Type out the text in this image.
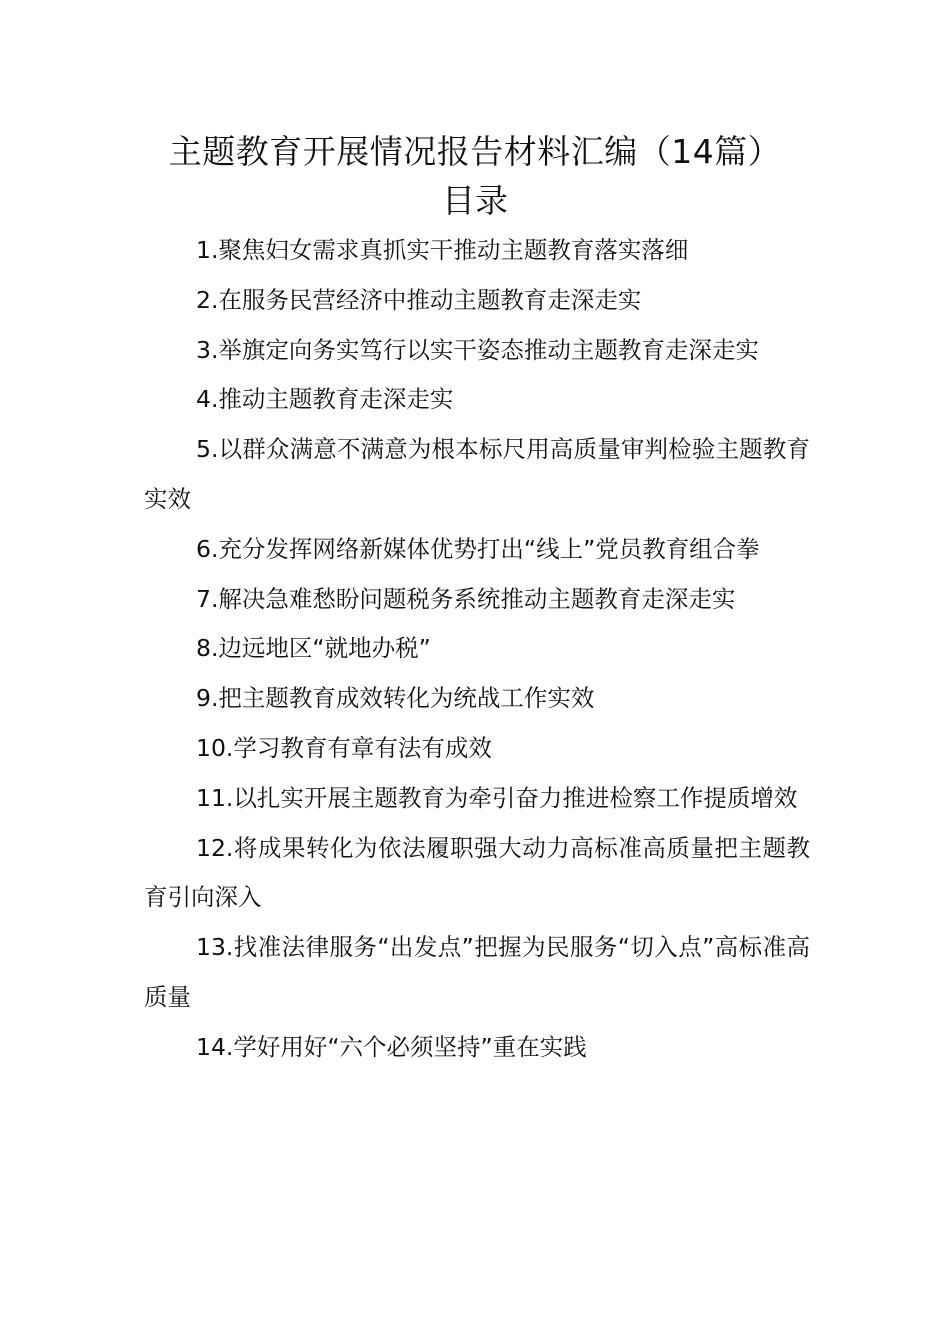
主题教育开展情况报告材料汇编（14篇）
目录
1.聚焦妇女需求真抓实干推动主题教育落实落细
2.在服务民营经济中推动主题教育走深走实
3.举旗定向务实笃行以实干姿态推动主题教育走深走实
4.推动主题教育走深走实
5.以群众满意不满意为根本标尺用高质量审判检验主题教育实效
6.充分发挥网络新媒体优势打出“线上”党员教育组合拳
7.解决急难愁盼问题税务系统推动主题教育走深走实
8.边远地区“就地办税”
9.把主题教育成效转化为统战工作实效
10.学习教育有章有法有成效
11.以扎实开展主题教育为牵引奋力推进检察工作提质增效
12.将成果转化为依法履职强大动力高标准高质量把主题教育引向深入
13.找准法律服务“出发点”把握为民服务“切入点”高标准高质量
14.学好用好“六个必须坚持”重在实践
